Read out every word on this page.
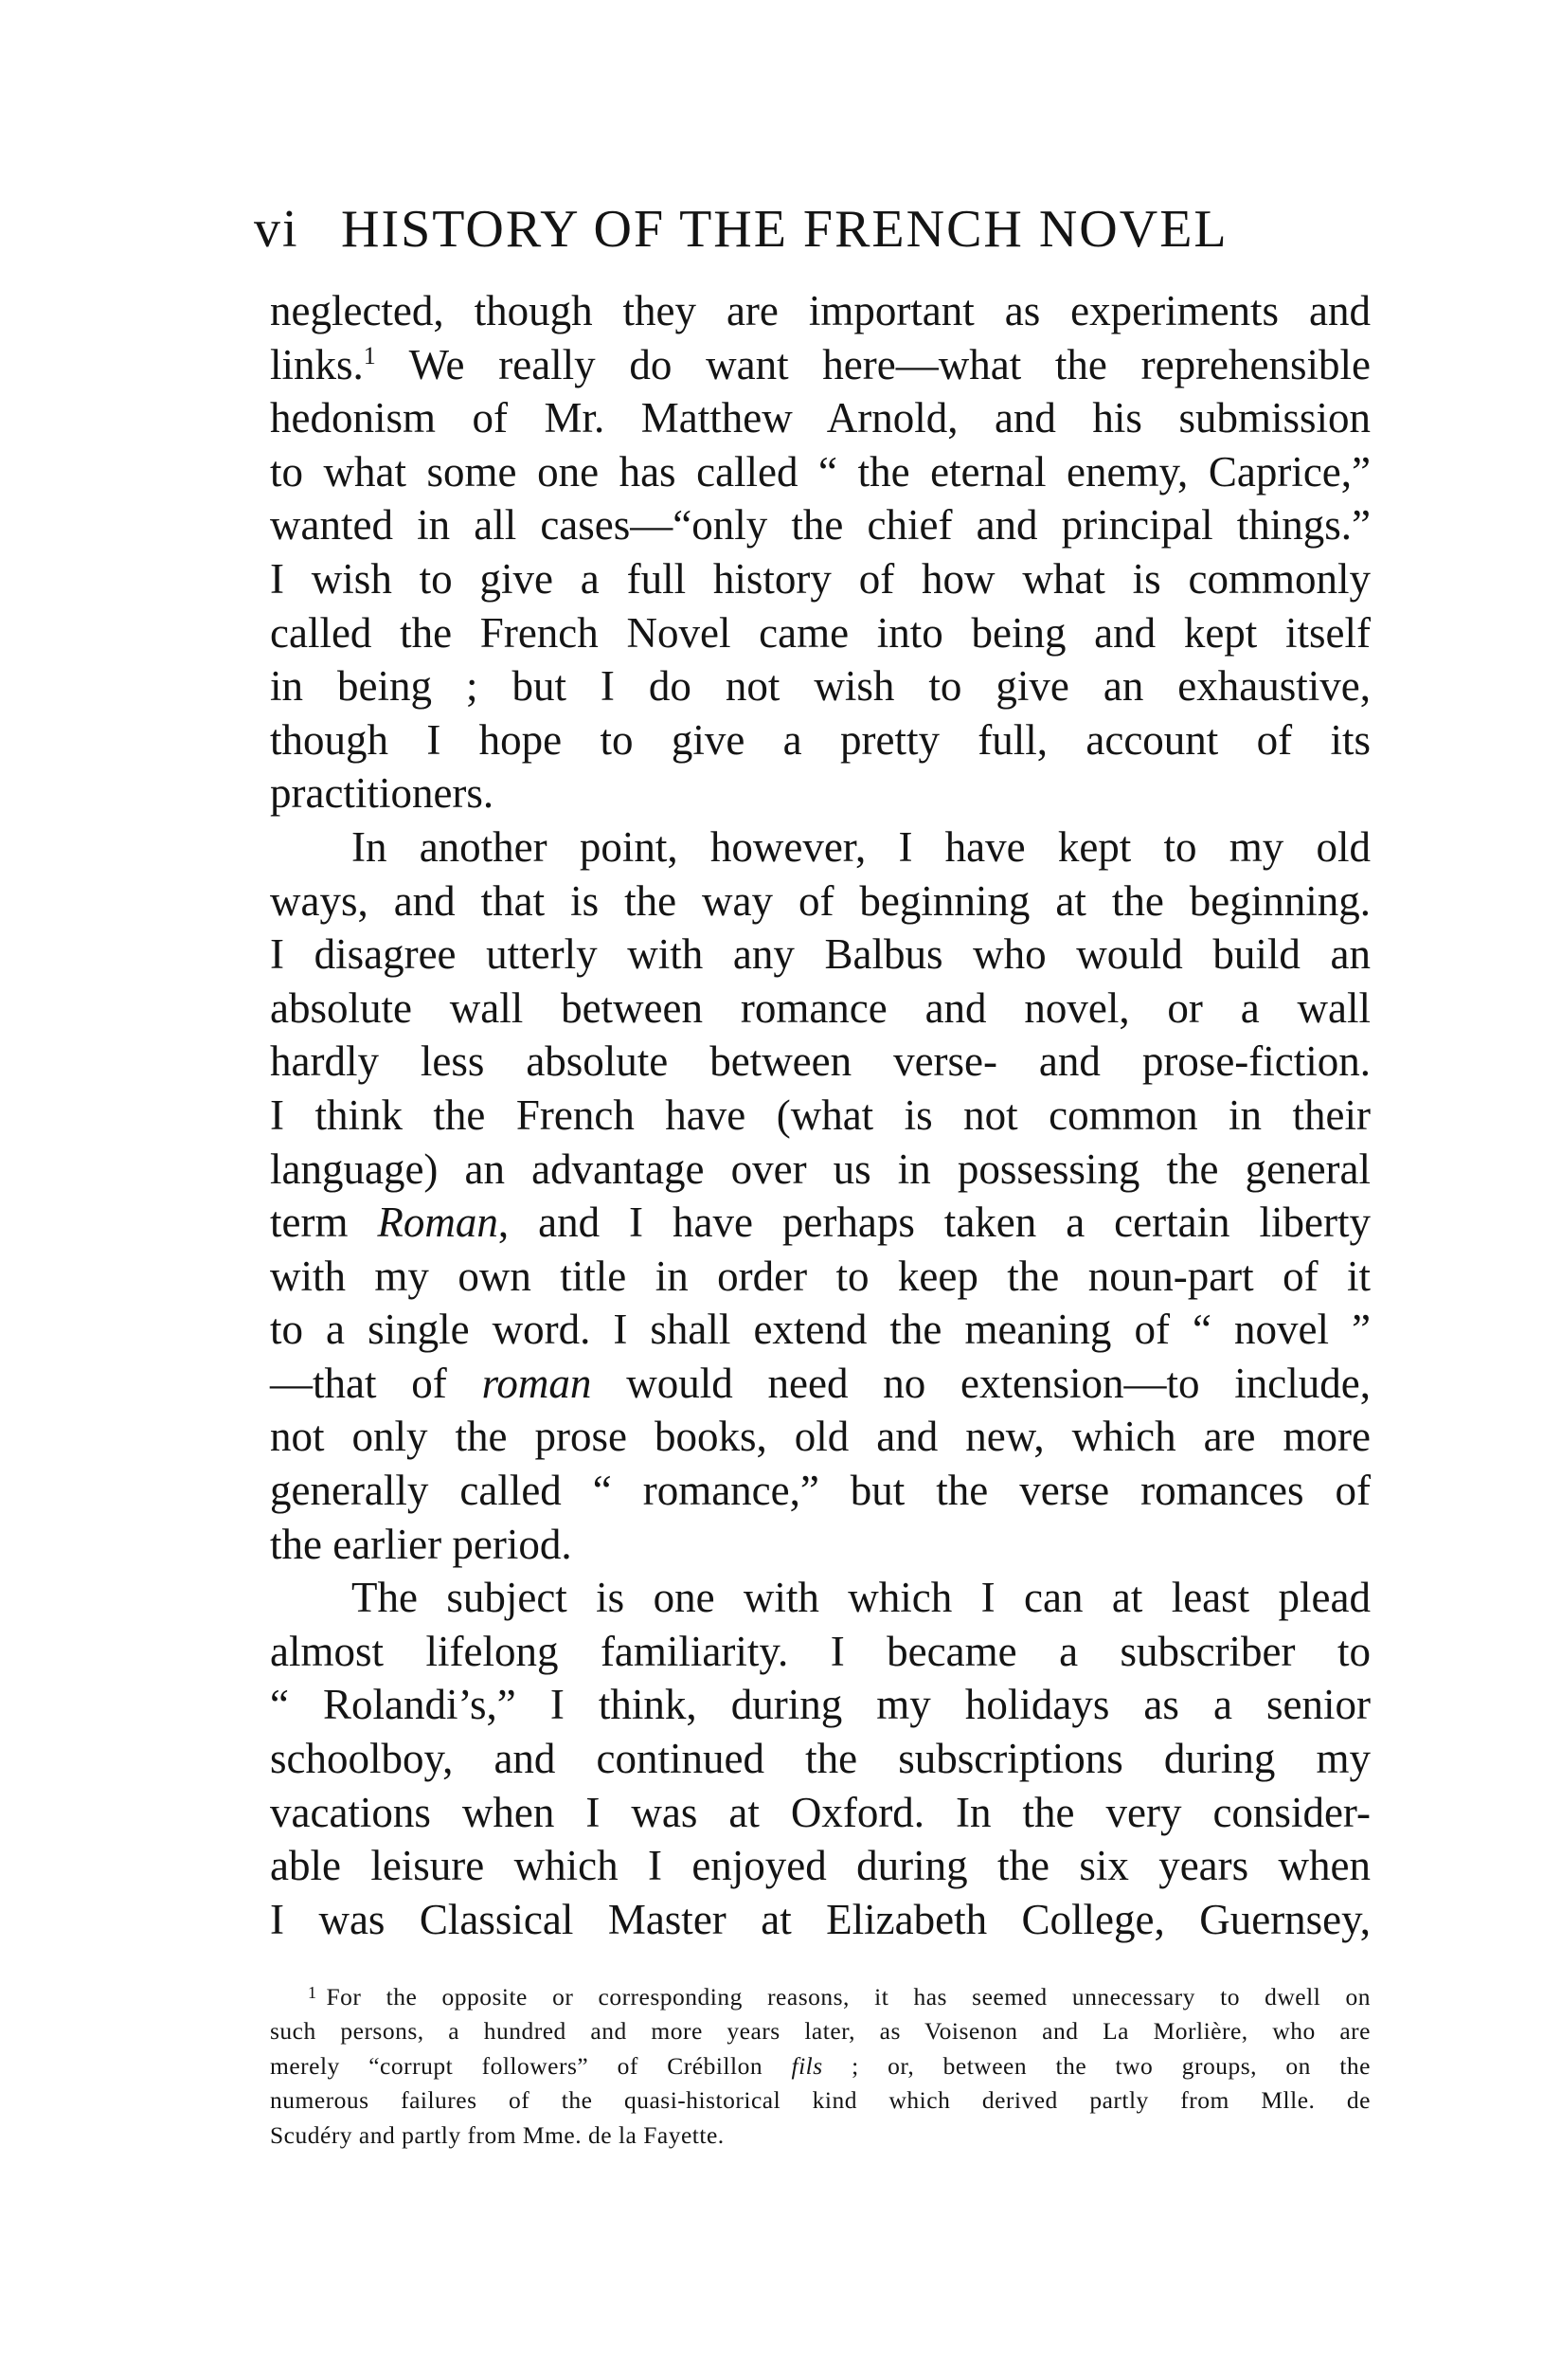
vi HISTORY OF THE FRENCH NOVEL
neglected, though they are important as experiments and
links.$^1$ We really do want here—what the reprehensible
hedonism of Mr. Matthew Arnold, and his submission
to what some one has called “ the eternal enemy, Caprice,”
wanted in all cases—“only the chief and principal things.”
I wish to give a full history of how what is commonly
called the French Novel came into being and kept itself
in being ; but I do not wish to give an exhaustive,
though I hope to give a pretty full, account of its
practitioners.
In another point, however, I have kept to my old
ways, and that is the way of beginning at the beginning.
I disagree utterly with any Balbus who would build an
absolute wall between romance and novel, or a wall
hardly less absolute between verse- and prose-fiction.
I think the French have (what is not common in their
language) an advantage over us in possessing the general
term Roman, and I have perhaps taken a certain liberty
with my own title in order to keep the noun-part of it
to a single word. I shall extend the meaning of “ novel ”
—that of roman would need no extension—to include,
not only the prose books, old and new, which are more
generally called “ romance,” but the verse romances of
the earlier period.
The subject is one with which I can at least plead
almost lifelong familiarity. I became a subscriber to
“ Rolandi’s,” I think, during my holidays as a senior
schoolboy, and continued the subscriptions during my
vacations when I was at Oxford. In the very consider-
able leisure which I enjoyed during the six years when
I was Classical Master at Elizabeth College, Guernsey,
$^1$ For the opposite or corresponding reasons, it has seemed unnecessary to dwell on
such persons, a hundred and more years later, as Voisenon and La Morlière, who are
merely “corrupt followers” of Crébillon fils ; or, between the two groups, on the
numerous failures of the quasi-historical kind which derived partly from Mlle. de
Scudéry and partly from Mme. de la Fayette.
